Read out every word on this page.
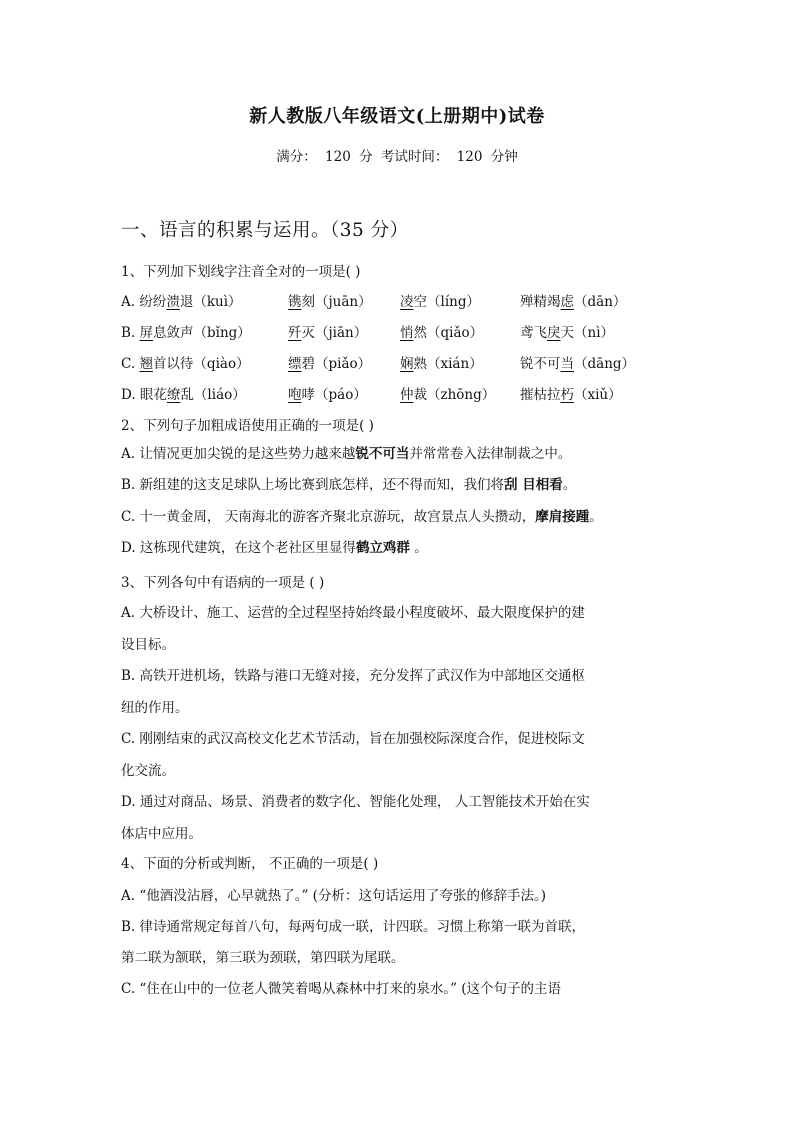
新人教版八年级语文(上册期中)试卷
满分： 120 分 考试时间： 120 分钟
一、语言的积累与运用。（35 分）
1、下列加下划线字注音全对的一项是( )
A. 纷纷溃退（kuì）	镌刻（juān） 凌空（líng）	殚精竭虑（dān）
B. 屏息敛声（bǐng）	歼灭（jiān） 悄然（qiǎo）	鸢飞戾天（nì）
C. 翘首以待（qiào）	缥碧（piǎo） 娴熟（xián）	锐不可当（dāng）
D. 眼花缭乱（liáo）	咆哮（páo） 仲裁（zhōng） 摧枯拉朽（xiǔ）
2、下列句子加粗成语使用正确的一项是( )
A. 让情况更加尖锐的是这些势力越来越锐不可当并常常卷入法律制裁之中。
B. 新组建的这支足球队上场比赛到底怎样，还不得而知，我们将刮 目相看。
C. 十一黄金周， 天南海北的游客齐聚北京游玩，故宫景点人头攒动，摩肩接踵。
D. 这栋现代建筑，在这个老社区里显得鹤立鸡群 。
3、下列各句中有语病的一项是 ( )
A. 大桥设计、施工、运营的全过程坚持始终最小程度破坏、最大限度保护的建
设目标。
B. 高铁开进机场，铁路与港口无缝对接，充分发挥了武汉作为中部地区交通枢
纽的作用。
C. 刚刚结束的武汉高校文化艺术节活动，旨在加强校际深度合作，促进校际文
化交流。
D. 通过对商品、场景、消费者的数字化、智能化处理， 人工智能技术开始在实
体店中应用。
4、下面的分析或判断， 不正确的一项是( )
A. “他酒没沾唇，心早就热了。” (分析：这句话运用了夸张的修辞手法。)
B. 律诗通常规定每首八句，每两句成一联，计四联。习惯上称第一联为首联，
第二联为颔联，第三联为颈联，第四联为尾联。
C. “住在山中的一位老人微笑着喝从森林中打来的泉水。” (这个句子的主语
